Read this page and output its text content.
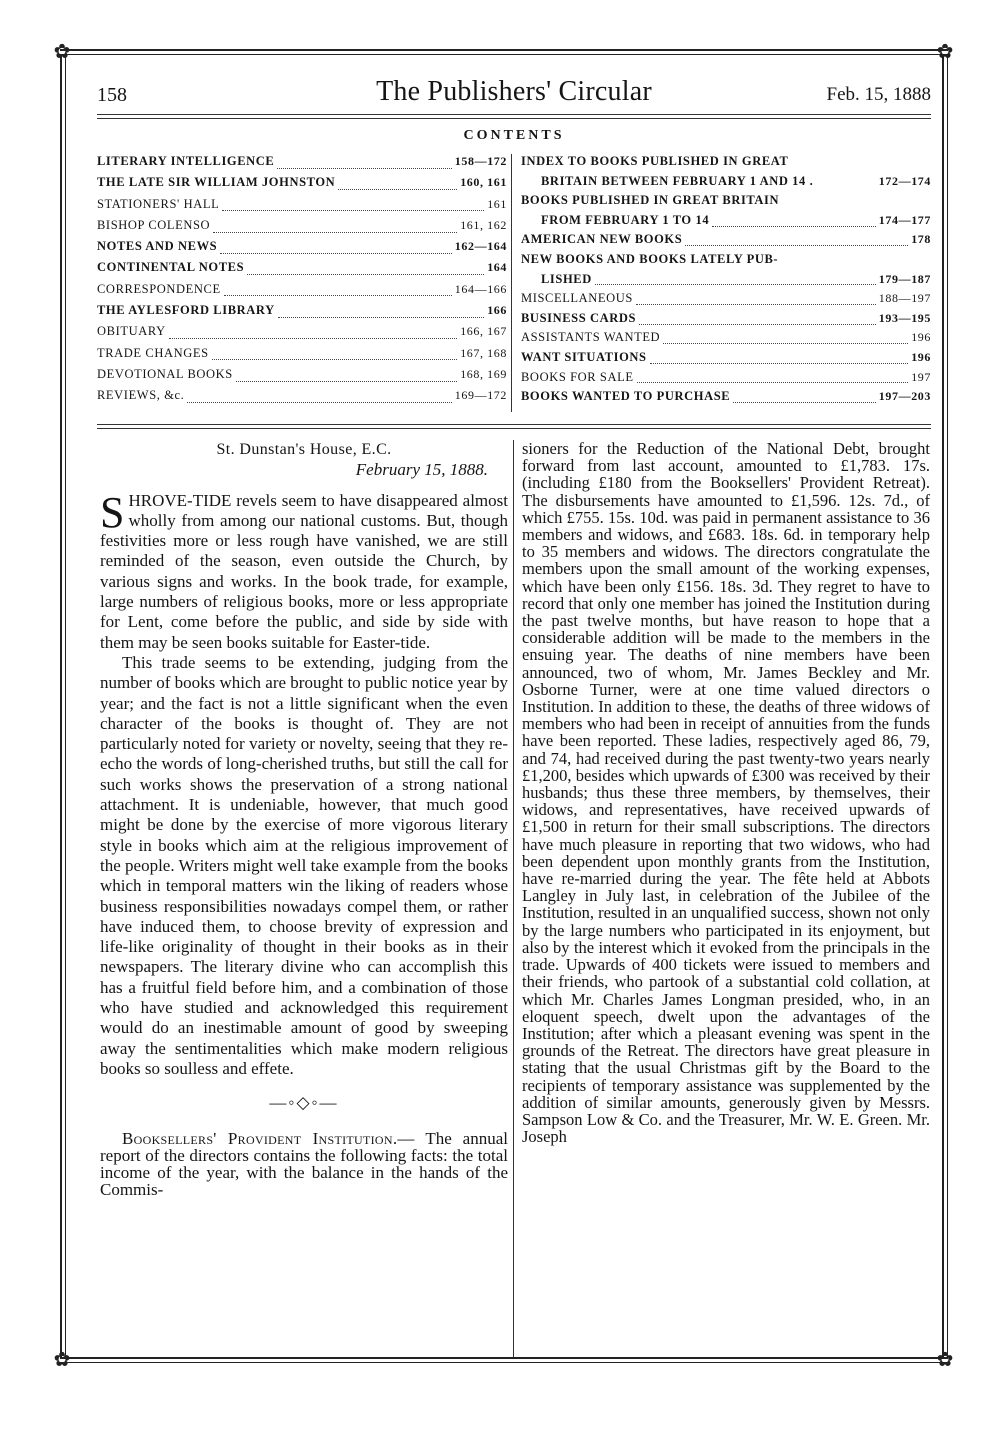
✿	✿
✿	✿
158	The Publishers' Circular	Feb. 15, 1888
CONTENTS
LITERARY INTELLIGENCE	158—172
THE LATE SIR WILLIAM JOHNSTON	160, 161
STATIONERS' HALL	161
BISHOP COLENSO	161, 162
NOTES AND NEWS	162—164
CONTINENTAL NOTES	164
CORRESPONDENCE	164—166
THE AYLESFORD LIBRARY	166
OBITUARY	166, 167
TRADE CHANGES	167, 168
DEVOTIONAL BOOKS	168, 169
REVIEWS, &c.	169—172
INDEX TO BOOKS PUBLISHED IN GREAT
BRITAIN BETWEEN FEBRUARY 1 AND 14 .	172—174
BOOKS PUBLISHED IN GREAT BRITAIN
FROM FEBRUARY 1 TO 14	174—177
AMERICAN NEW BOOKS	178
NEW BOOKS AND BOOKS LATELY PUB-
LISHED	179—187
MISCELLANEOUS	188—197
BUSINESS CARDS	193—195
ASSISTANTS WANTED	196
WANT SITUATIONS	196
BOOKS FOR SALE	197
BOOKS WANTED TO PURCHASE	197—203

St. Dunstan's House, E.C.

February 15, 1888.

SHROVE-TIDE revels seem to have disappeared almost wholly from among our national customs. But, though festivities more or less rough have vanished, we are still reminded of the season, even outside the Church, by various signs and works. In the book trade, for example, large numbers of religious books, more or less appropriate for Lent, come before the public, and side by side with them may be seen books suitable for Easter-tide.

This trade seems to be extending, judging from the number of books which are brought to public notice year by year; and the fact is not a little significant when the even character of the books is thought of. They are not particularly noted for variety or novelty, seeing that they re-echo the words of long-cherished truths, but still the call for such works shows the preservation of a strong national attachment. It is undeniable, however, that much good might be done by the exercise of more vigorous literary style in books which aim at the religious improvement of the people. Writers might well take example from the books which in temporal matters win the liking of readers whose business responsibilities nowadays compel them, or rather have induced them, to choose brevity of expression and life-like originality of thought in their books as in their newspapers. The literary divine who can accomplish this has a fruitful field before him, and a combination of those who have studied and acknowledged this requirement would do an inestimable amount of good by sweeping away the sentimentalities which make modern religious books so soulless and effete.

—◦◇◦—

Booksellers' Provident Institution.— The annual report of the directors contains the following facts: the total income of the year, with the balance in the hands of the Commis-

sioners for the Reduction of the National Debt, brought forward from last account, amounted to £1,783. 17s. (including £180 from the Booksellers' Provident Retreat). The disbursements have amounted to £1,596. 12s. 7d., of which £755. 15s. 10d. was paid in permanent assistance to 36 members and widows, and £683. 18s. 6d. in temporary help to 35 members and widows. The directors congratulate the members upon the small amount of the working expenses, which have been only £156. 18s. 3d. They regret to have to record that only one member has joined the Institution during the past twelve months, but have reason to hope that a considerable addition will be made to the members in the ensuing year. The deaths of nine members have been announced, two of whom, Mr. James Beckley and Mr. Osborne Turner, were at one time valued directors o Institution. In addition to these, the deaths of three widows of members who had been in receipt of annuities from the funds have been reported. These ladies, respectively aged 86, 79, and 74, had received during the past twenty-two years nearly £1,200, besides which upwards of £300 was received by their husbands; thus these three members, by themselves, their widows, and representatives, have received upwards of £1,500 in return for their small subscriptions. The directors have much pleasure in reporting that two widows, who had been dependent upon monthly grants from the Institution, have re-married during the year. The fête held at Abbots Langley in July last, in celebration of the Jubilee of the Institution, resulted in an unqualified success, shown not only by the large numbers who participated in its enjoyment, but also by the interest which it evoked from the principals in the trade. Upwards of 400 tickets were issued to members and their friends, who partook of a substantial cold collation, at which Mr. Charles James Longman presided, who, in an eloquent speech, dwelt upon the advantages of the Institution; after which a pleasant evening was spent in the grounds of the Retreat. The directors have great pleasure in stating that the usual Christmas gift by the Board to the recipients of temporary assistance was supplemented by the addition of similar amounts, generously given by Messrs. Sampson Low & Co. and the Treasurer, Mr. W. E. Green. Mr. Joseph
